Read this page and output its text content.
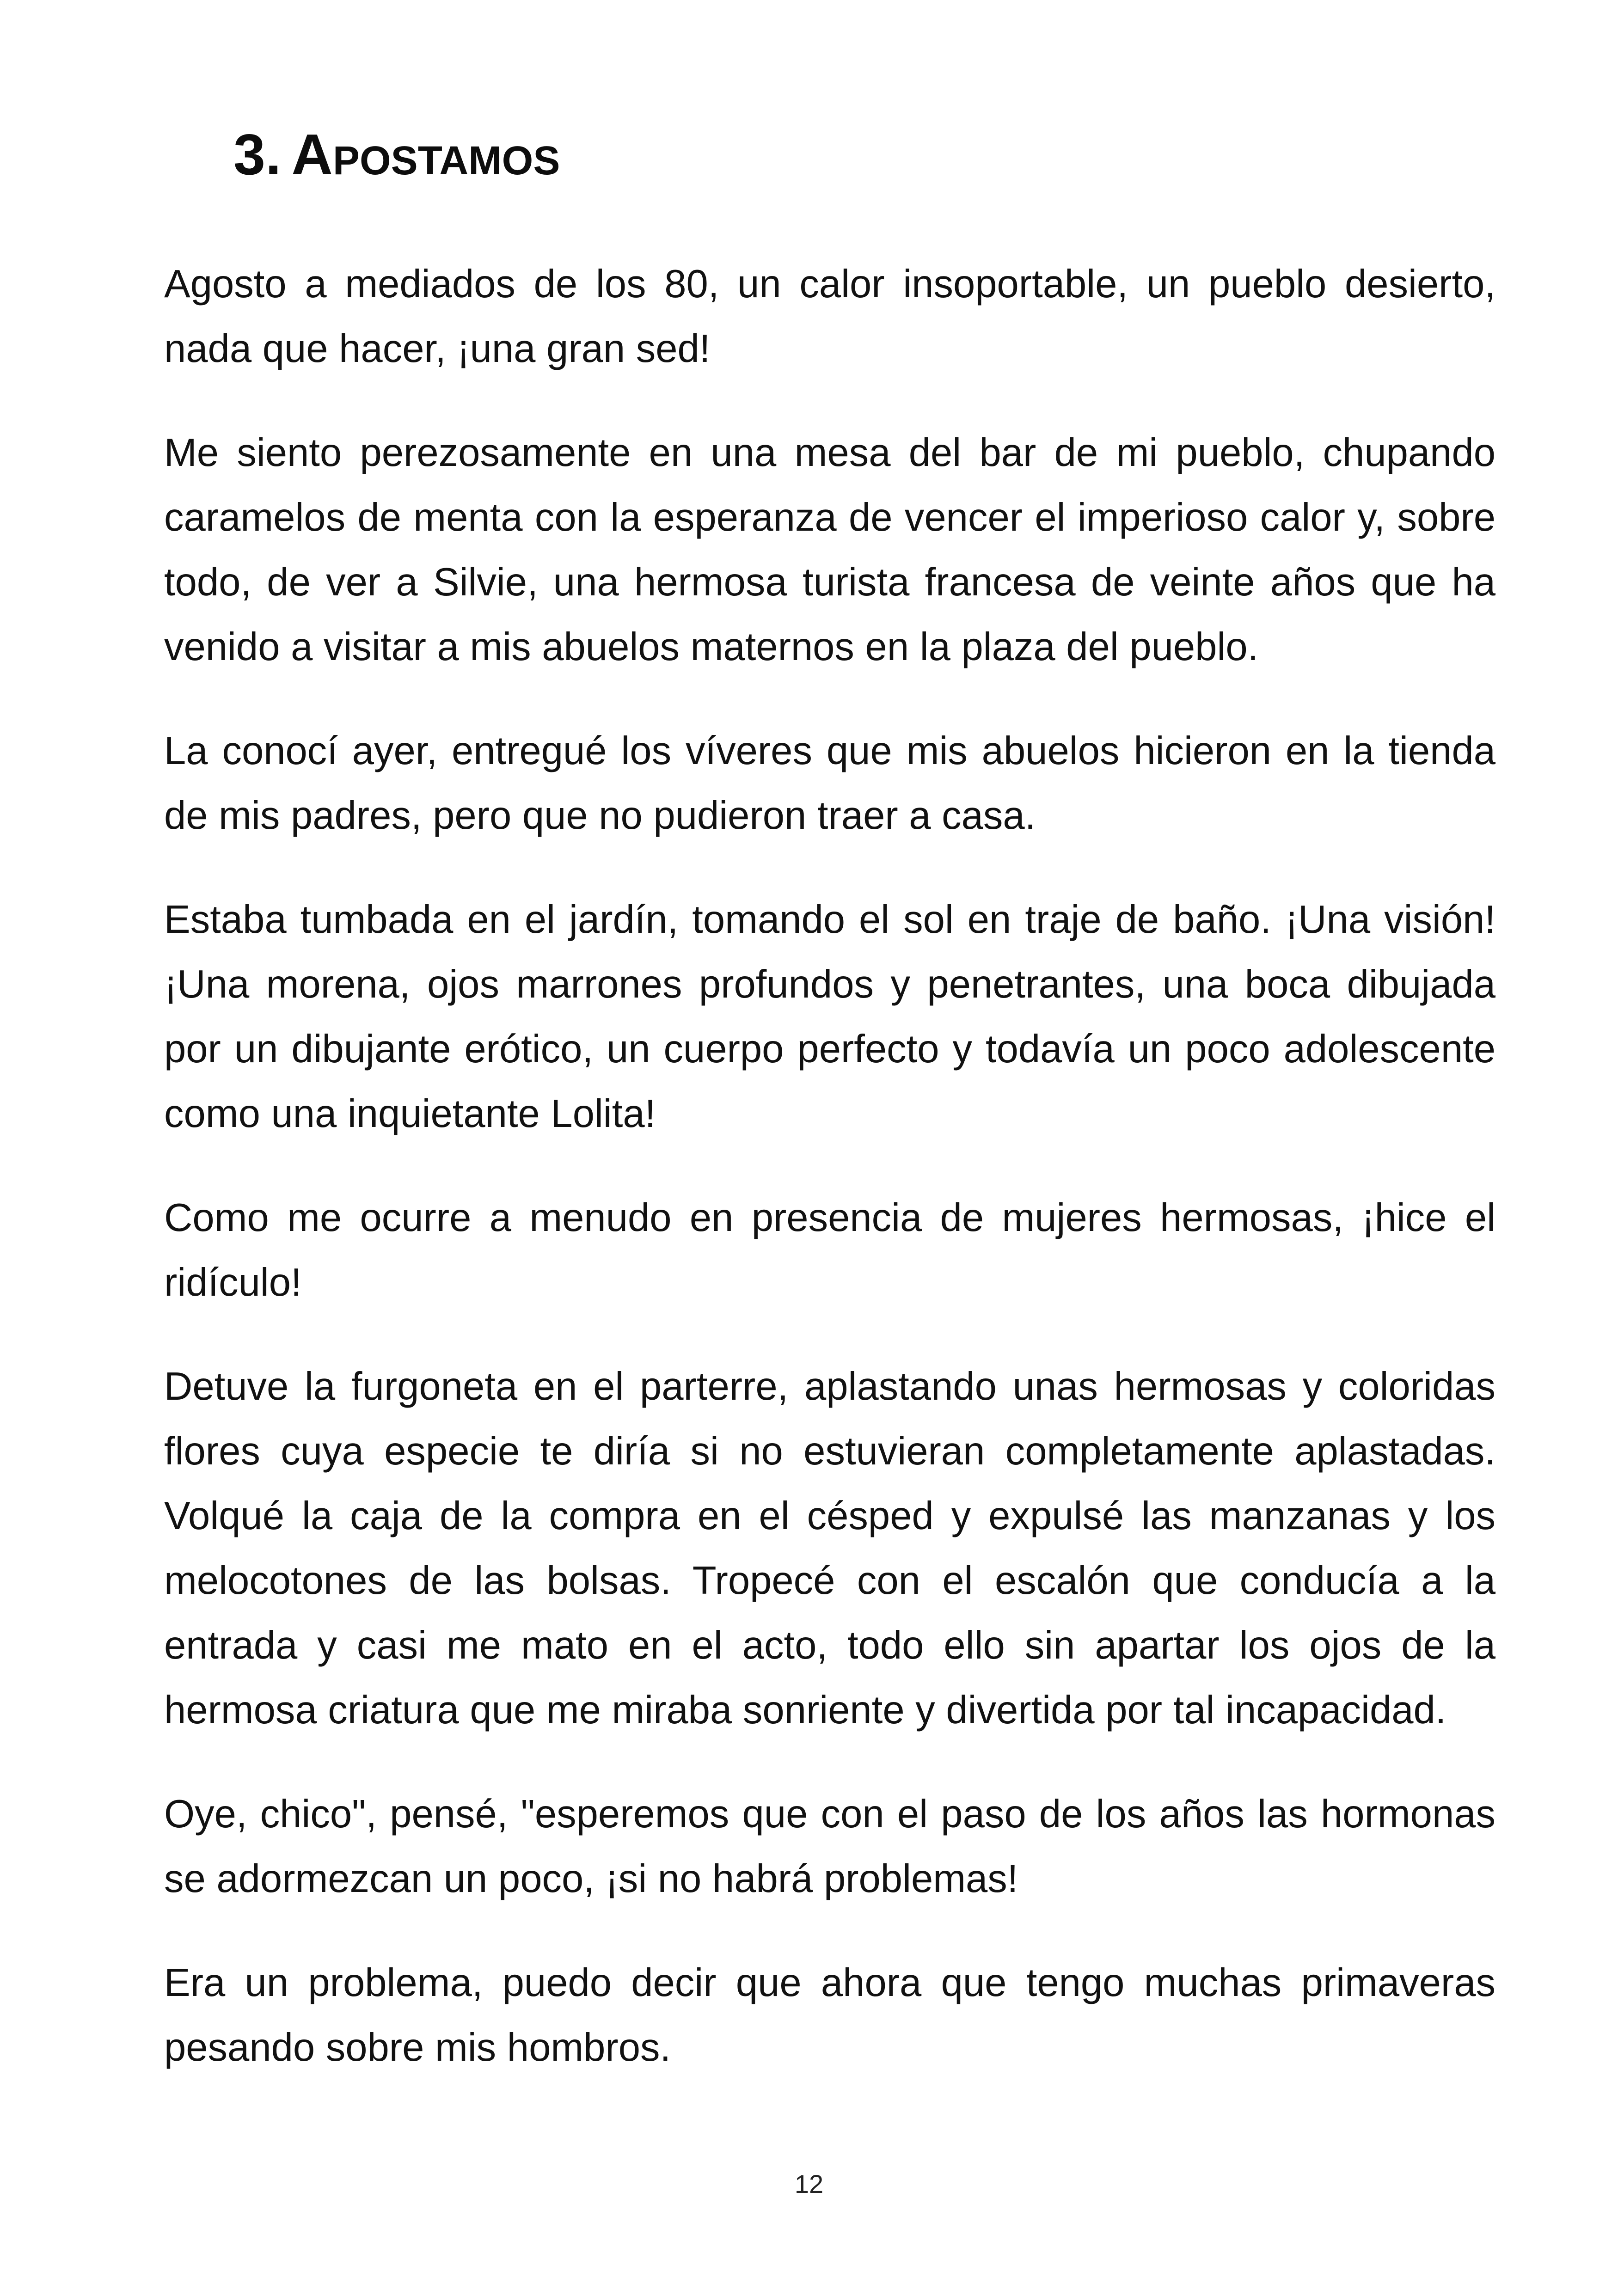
3. Apostamos

Agosto a mediados de los 80, un calor insoportable, un pueblo desierto, nada que hacer, ¡una gran sed!

Me siento perezosamente en una mesa del bar de mi pueblo, chupando caramelos de menta con la esperanza de vencer el imperioso calor y, sobre todo, de ver a Silvie, una hermosa turista francesa de veinte años que ha venido a visitar a mis abuelos maternos en la plaza del pueblo.

La conocí ayer, entregué los víveres que mis abuelos hicieron en la tienda de mis padres, pero que no pudieron traer a casa.

Estaba tumbada en el jardín, tomando el sol en traje de baño. ¡Una visión! ¡Una morena, ojos marrones profundos y penetrantes, una boca dibujada por un dibujante erótico, un cuerpo perfecto y todavía un poco adolescente como una inquietante Lolita!

Como me ocurre a menudo en presencia de mujeres hermosas, ¡hice el ridículo!

Detuve la furgoneta en el parterre, aplastando unas hermosas y coloridas flores cuya especie te diría si no estuvieran completamente aplastadas. Volqué la caja de la compra en el césped y expulsé las manzanas y los melocotones de las bolsas. Tropecé con el escalón que conducía a la entrada y casi me mato en el acto, todo ello sin apartar los ojos de la hermosa criatura que me miraba sonriente y divertida por tal incapacidad.

Oye, chico", pensé, "esperemos que con el paso de los años las hormonas se adormezcan un poco, ¡si no habrá problemas!

Era un problema, puedo decir que ahora que tengo muchas primaveras pesando sobre mis hombros.

12
